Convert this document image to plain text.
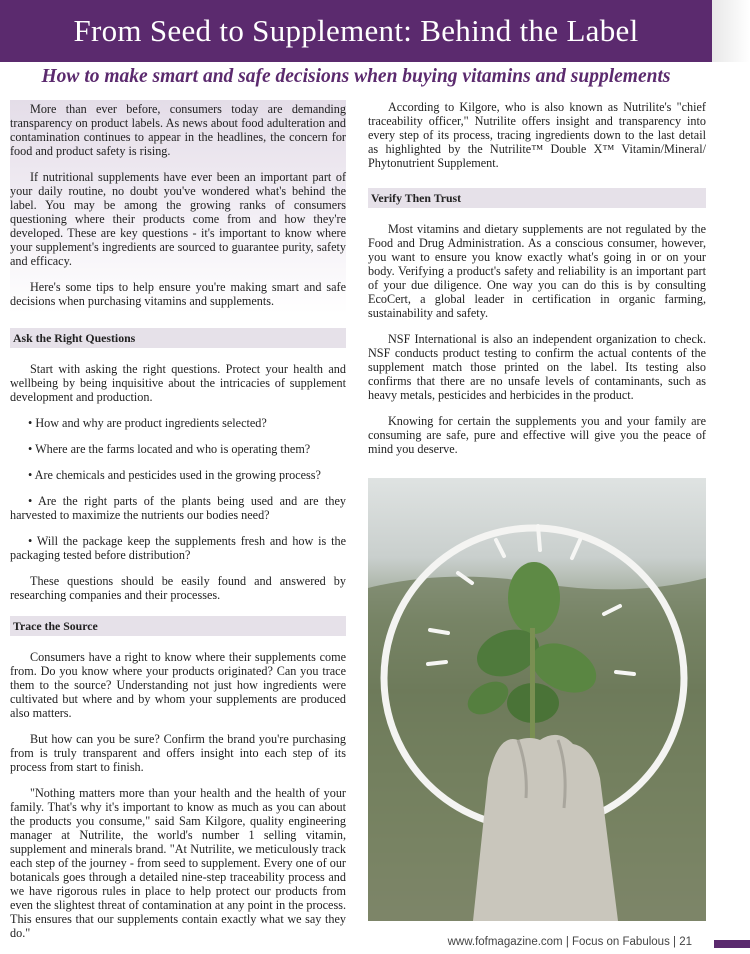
From Seed to Supplement: Behind the Label
How to make smart and safe decisions when buying vitamins and supplements

More than ever before, consumers today are demanding transparency on product labels. As news about food adulteration and contamination continues to appear in the headlines, the concern for food and product safety is rising.

If nutritional supplements have ever been an important part of your daily routine, no doubt you've wondered what's behind the label. You may be among the growing ranks of consumers questioning where their products come from and how they're developed. These are key questions - it's important to know where your supplement's ingredients are sourced to guarantee purity, safety and efficacy.

Here's some tips to help ensure you're making smart and safe decisions when purchasing vitamins and supplements.

Ask the Right Questions

Start with asking the right questions. Protect your health and wellbeing by being inquisitive about the intricacies of supplement development and production.

• How and why are product ingredients selected?
• Where are the farms located and who is operating them?
• Are chemicals and pesticides used in the growing process?
• Are the right parts of the plants being used and are they harvested to maximize the nutrients our bodies need?
• Will the package keep the supplements fresh and how is the packaging tested before distribution?

These questions should be easily found and answered by researching companies and their processes.

Trace the Source

Consumers have a right to know where their supplements come from. Do you know where your products originated? Can you trace them to the source? Understanding not just how ingredients were cultivated but where and by whom your supplements are produced also matters.

But how can you be sure? Confirm the brand you're purchasing from is truly transparent and offers insight into each step of its process from start to finish.

"Nothing matters more than your health and the health of your family. That's why it's important to know as much as you can about the products you consume," said Sam Kilgore, quality engineering manager at Nutrilite, the world's number 1 selling vitamin, supplement and minerals brand. "At Nutrilite, we meticulously track each step of the journey - from seed to supplement. Every one of our botanicals goes through a detailed nine-step traceability process and we have rigorous rules in place to help protect our products from even the slightest threat of contamination at any point in the process. This ensures that our supplements contain exactly what we say they do."

According to Kilgore, who is also known as Nutrilite's "chief traceability officer," Nutrilite offers insight and transparency into every step of its process, tracing ingredients down to the last detail as highlighted by the Nutrilite™ Double X™ Vitamin/Mineral/ Phytonutrient Supplement.

Verify Then Trust

Most vitamins and dietary supplements are not regulated by the Food and Drug Administration. As a conscious consumer, however, you want to ensure you know exactly what's going in or on your body. Verifying a product's safety and reliability is an important part of your due diligence. One way you can do this is by consulting EcoCert, a global leader in certification in organic farming, sustainability and safety.

NSF International is also an independent organization to check. NSF conducts product testing to confirm the actual contents of the supplement match those printed on the label. Its testing also confirms that there are no unsafe levels of contaminants, such as heavy metals, pesticides and herbicides in the product.

Knowing for certain the supplements you and your family are consuming are safe, pure and effective will give you the peace of mind you deserve.

www.fofmagazine.com | Focus on Fabulous | 21
